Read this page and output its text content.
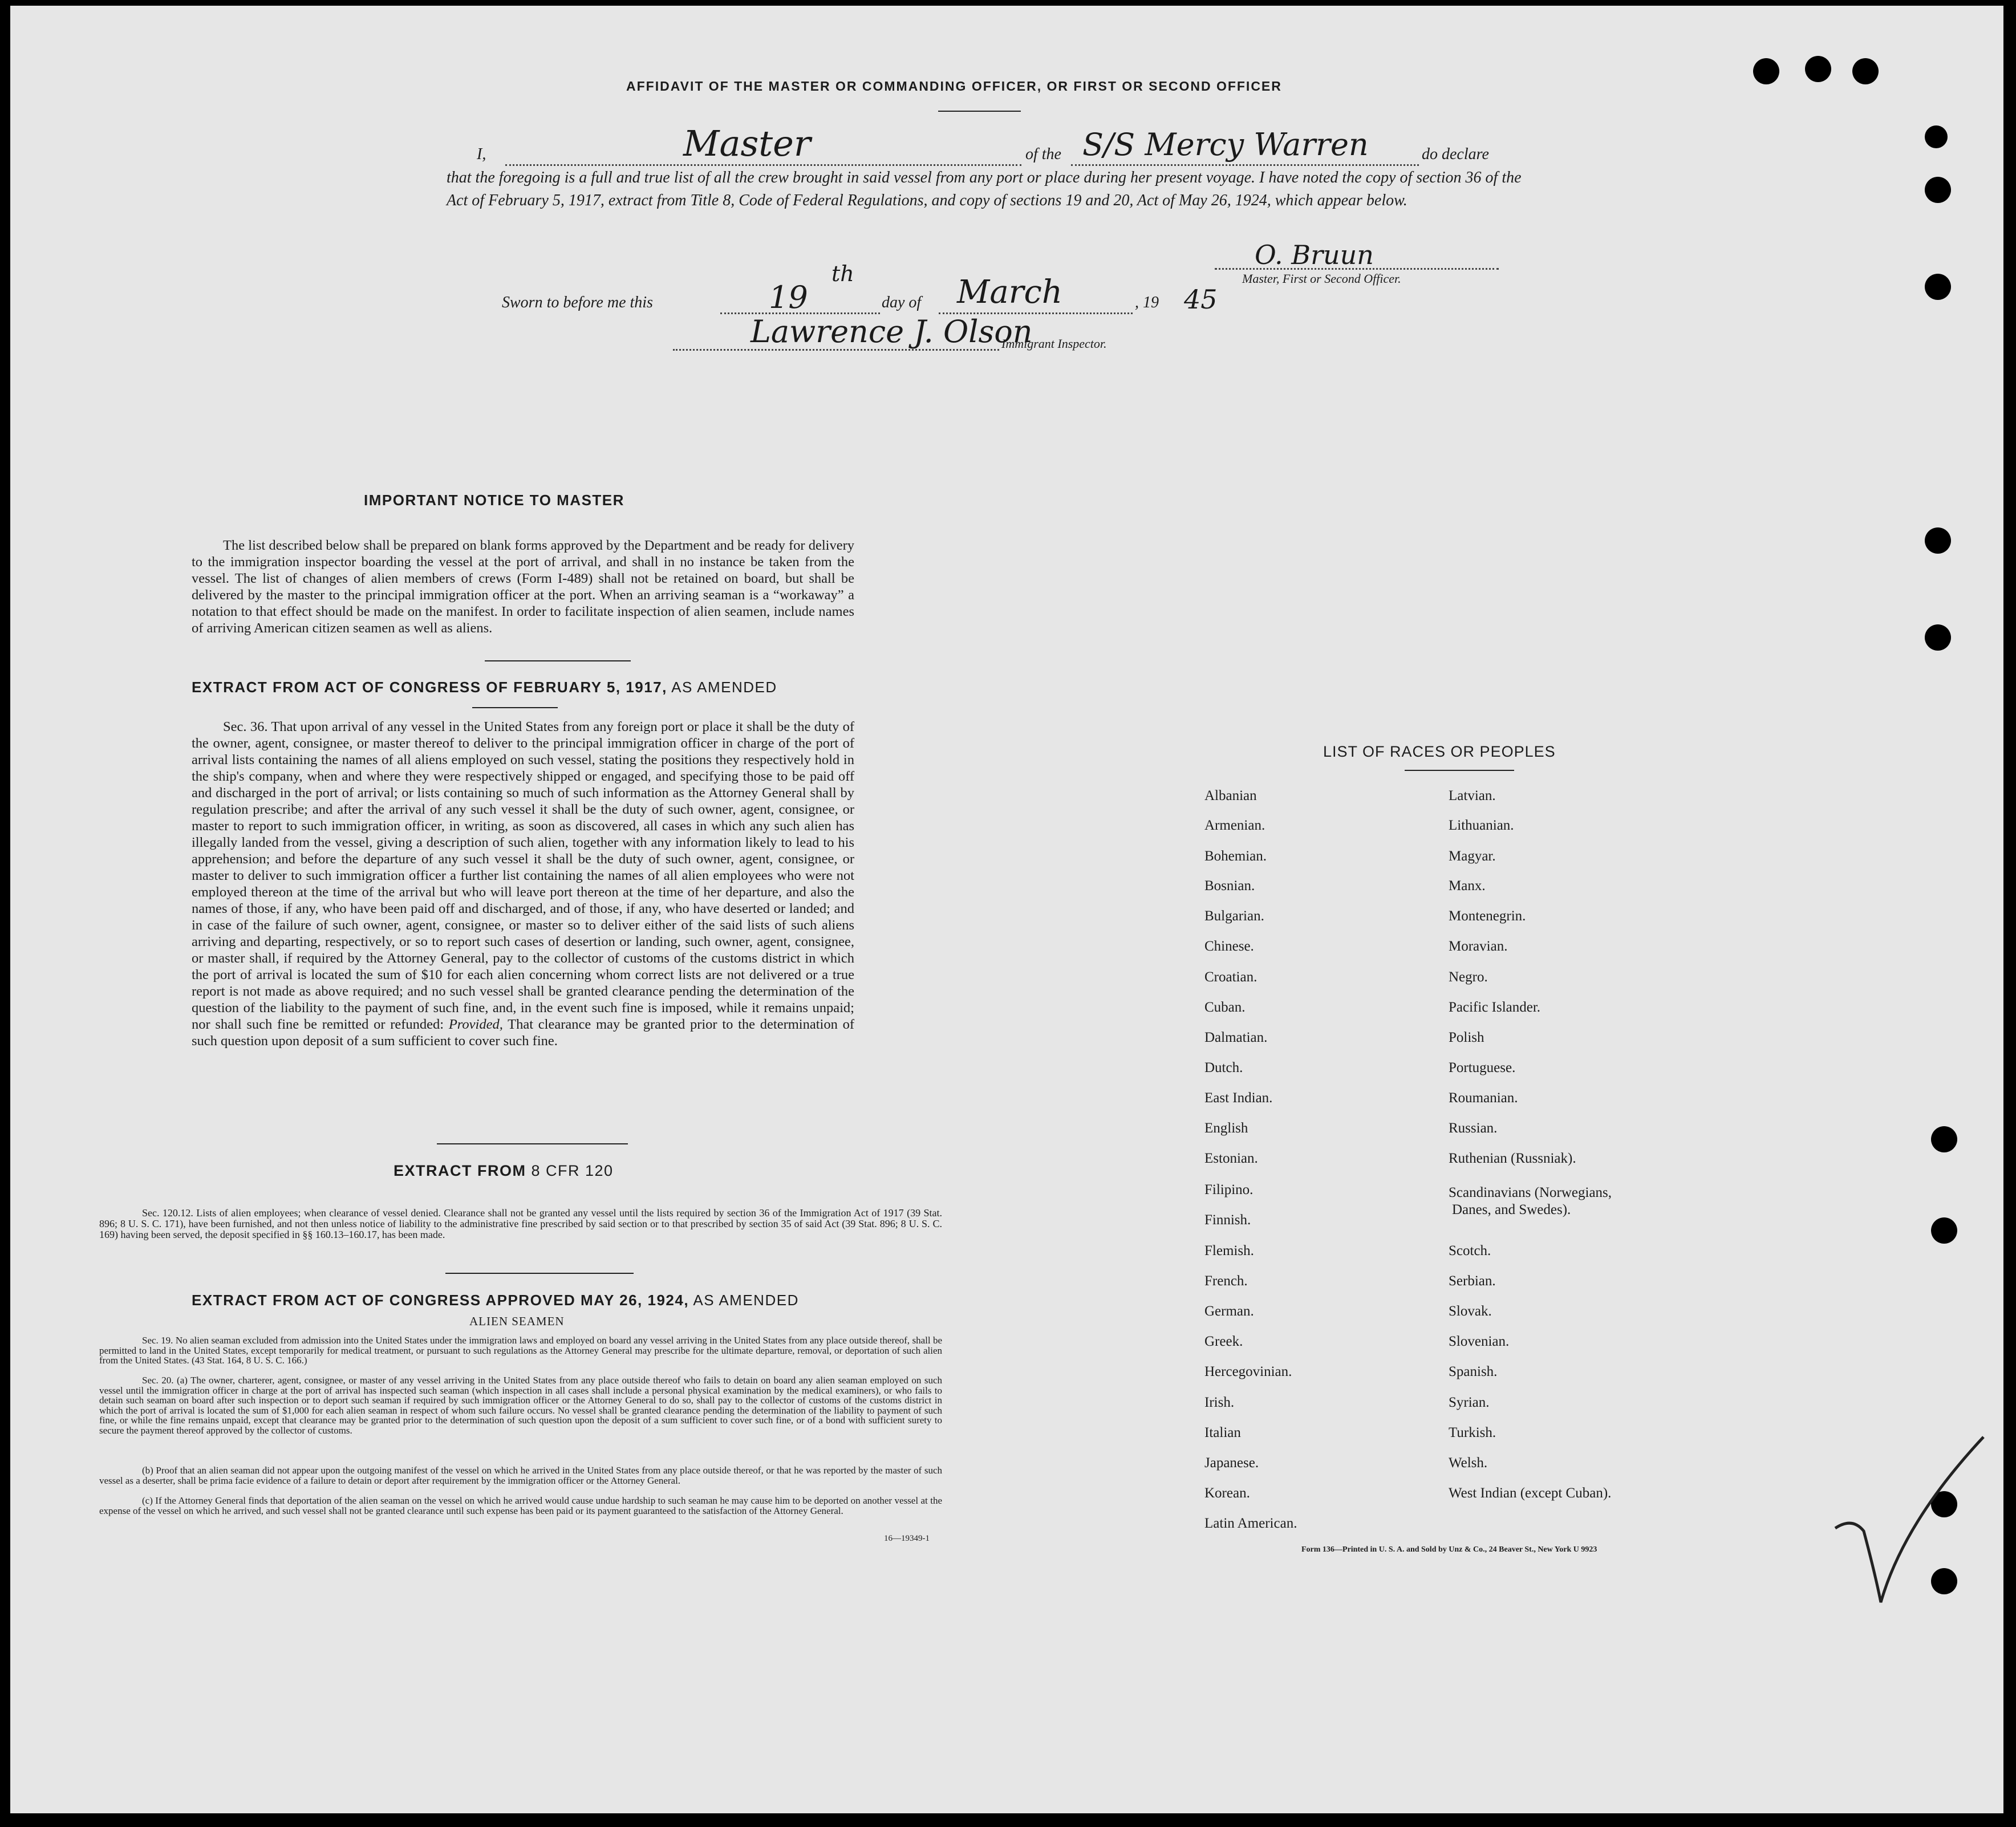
AFFIDAVIT OF THE MASTER OR COMMANDING OFFICER, OR FIRST OR SECOND OFFICER
I,	Master	of the S/S Mercy Warren	do declare
that the foregoing is a full and true list of all the crew brought in said vessel from any port or place during her present voyage. I have noted the copy of section 36 of the Act of February 5, 1917, extract from Title 8, Code of Federal Regulations, and copy of sections 19 and 20, Act of May 26, 1924, which appear below.
O. Bruun
Master, First or Second Officer.
Sworn to before me this	19
th
day of March	, 19 45
Lawrence J. Olson
Immigrant Inspector.
IMPORTANT NOTICE TO MASTER
The list described below shall be prepared on blank forms approved by the Department and be ready for delivery to the immigration inspector boarding the vessel at the port of arrival, and shall in no instance be taken from the vessel. The list of changes of alien members of crews (Form I-489) shall not be retained on board, but shall be delivered by the master to the principal immigration officer at the port. When an arriving seaman is a “workaway” a notation to that effect should be made on the manifest. In order to facilitate inspection of alien seamen, include names of arriving American citizen seamen as well as aliens.
EXTRACT FROM ACT OF CONGRESS OF FEBRUARY 5, 1917, AS AMENDED
Sec. 36. That upon arrival of any vessel in the United States from any foreign port or place it shall be the duty of the owner, agent, consignee, or master thereof to deliver to the principal immigration officer in charge of the port of arrival lists containing the names of all aliens employed on such vessel, stating the positions they respectively hold in the ship's company, when and where they were respectively shipped or engaged, and specifying those to be paid off and discharged in the port of arrival; or lists containing so much of such information as the Attorney General shall by regulation prescribe; and after the arrival of any such vessel it shall be the duty of such owner, agent, consignee, or master to report to such immigration officer, in writing, as soon as discovered, all cases in which any such alien has illegally landed from the vessel, giving a description of such alien, together with any information likely to lead to his apprehension; and before the departure of any such vessel it shall be the duty of such owner, agent, consignee, or master to deliver to such immigration officer a further list containing the names of all alien employees who were not employed thereon at the time of the arrival but who will leave port thereon at the time of her departure, and also the names of those, if any, who have been paid off and discharged, and of those, if any, who have deserted or landed; and in case of the failure of such owner, agent, consignee, or master so to deliver either of the said lists of such aliens arriving and departing, respectively, or so to report such cases of desertion or landing, such owner, agent, consignee, or master shall, if required by the Attorney General, pay to the collector of customs of the customs district in which the port of arrival is located the sum of $10 for each alien concerning whom correct lists are not delivered or a true report is not made as above required; and no such vessel shall be granted clearance pending the determination of the question of the liability to the payment of such fine, and, in the event such fine is imposed, while it remains unpaid; nor shall such fine be remitted or refunded: Provided, That clearance may be granted prior to the determination of such question upon deposit of a sum sufficient to cover such fine.
EXTRACT FROM 8 CFR 120
Sec. 120.12. Lists of alien employees; when clearance of vessel denied. Clearance shall not be granted any vessel until the lists required by section 36 of the Immigration Act of 1917 (39 Stat. 896; 8 U. S. C. 171), have been furnished, and not then unless notice of liability to the administrative fine prescribed by said section or to that prescribed by section 35 of said Act (39 Stat. 896; 8 U. S. C. 169) having been served, the deposit specified in §§ 160.13–160.17, has been made.
EXTRACT FROM ACT OF CONGRESS APPROVED MAY 26, 1924, AS AMENDED
ALIEN SEAMEN
Sec. 19. No alien seaman excluded from admission into the United States under the immigration laws and employed on board any vessel arriving in the United States from any place outside thereof, shall be permitted to land in the United States, except temporarily for medical treatment, or pursuant to such regulations as the Attorney General may prescribe for the ultimate departure, removal, or deportation of such alien from the United States. (43 Stat. 164, 8 U. S. C. 166.)
Sec. 20. (a) The owner, charterer, agent, consignee, or master of any vessel arriving in the United States from any place outside thereof who fails to detain on board any alien seaman employed on such vessel until the immigration officer in charge at the port of arrival has inspected such seaman (which inspection in all cases shall include a personal physical examination by the medical examiners), or who fails to detain such seaman on board after such inspection or to deport such seaman if required by such immigration officer or the Attorney General to do so, shall pay to the collector of customs of the customs district in which the port of arrival is located the sum of $1,000 for each alien seaman in respect of whom such failure occurs. No vessel shall be granted clearance pending the determination of the liability to payment of such fine, or while the fine remains unpaid, except that clearance may be granted prior to the determination of such question upon the deposit of a sum sufficient to cover such fine, or of a bond with sufficient surety to secure the payment thereof approved by the collector of customs.
(b) Proof that an alien seaman did not appear upon the outgoing manifest of the vessel on which he arrived in the United States from any place outside thereof, or that he was reported by the master of such vessel as a deserter, shall be prima facie evidence of a failure to detain or deport after requirement by the immigration officer or the Attorney General.
(c) If the Attorney General finds that deportation of the alien seaman on the vessel on which he arrived would cause undue hardship to such seaman he may cause him to be deported on another vessel at the expense of the vessel on which he arrived, and such vessel shall not be granted clearance until such expense has been paid or its payment guaranteed to the satisfaction of the Attorney General.
16—19349-1
LIST OF RACES OR PEOPLES
Albanian
Armenian.
Bohemian.
Bosnian.
Bulgarian.
Chinese.
Croatian.
Cuban.
Dalmatian.
Dutch.
East Indian.
English
Estonian.
Filipino.
Finnish.
Flemish.
French.
German.
Greek.
Hercegovinian.
Irish.
Italian
Japanese.
Korean.
Latin American.
Latvian.
Lithuanian.
Magyar.
Manx.
Montenegrin.
Moravian.
Negro.
Pacific Islander.
Polish
Portuguese.
Roumanian.
Russian.
Ruthenian (Russniak).
Scandinavians (Norwegians,
Danes, and Swedes).
Scotch.
Serbian.
Slovak.
Slovenian.
Spanish.
Syrian.
Turkish.
Welsh.
West Indian (except Cuban).
Form 136—Printed in U. S. A. and Sold by Unz & Co., 24 Beaver St., New York U 9923
